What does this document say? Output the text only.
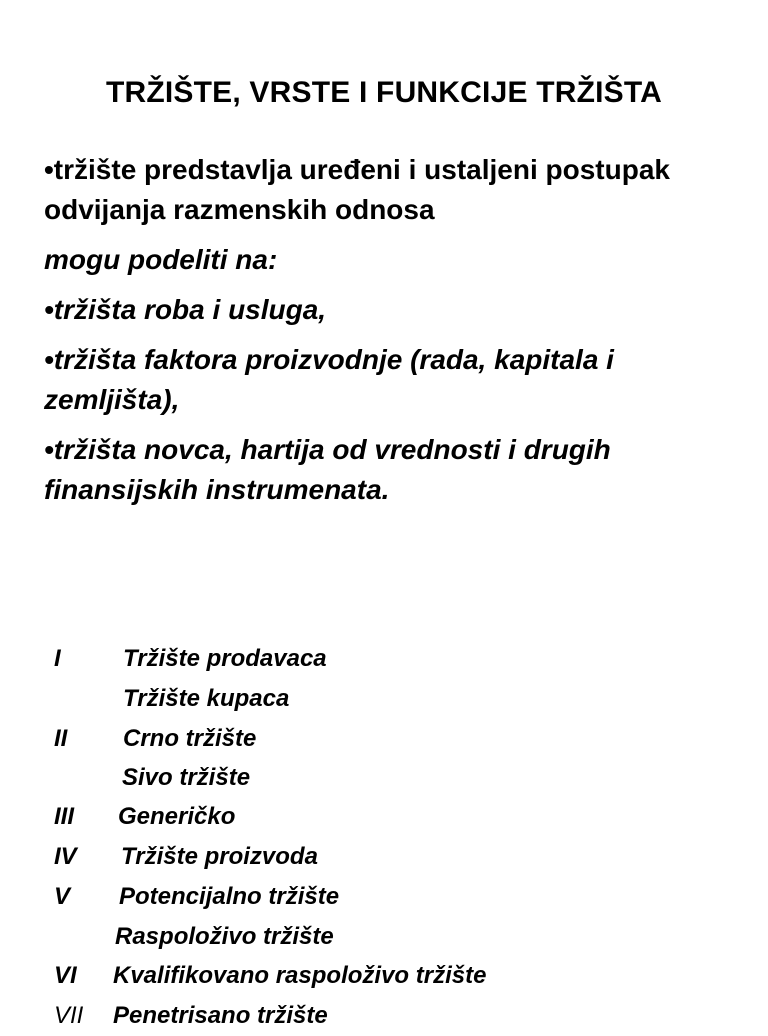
TRŽIŠTE, VRSTE I FUNKCIJE TRŽIŠTA

•tržište predstavlja uređeni i ustaljeni postupak odvijanja razmenskih odnosa

mogu podeliti na:

•tržišta roba i usluga,

•tržišta faktora proizvodnje (rada, kapitala i zemljišta),

•tržišta novca, hartija od vrednosti i drugih finansijskih instrumenata.

I	Tržište prodavaca
Tržište kupaca
II Crno tržište
Sivo tržište
III Generičko
IV Tržište proizvoda
V Potencijalno tržište
Raspoloživo tržište
VI Kvalifikovano raspoloživo tržište
VII Penetrisano tržište
